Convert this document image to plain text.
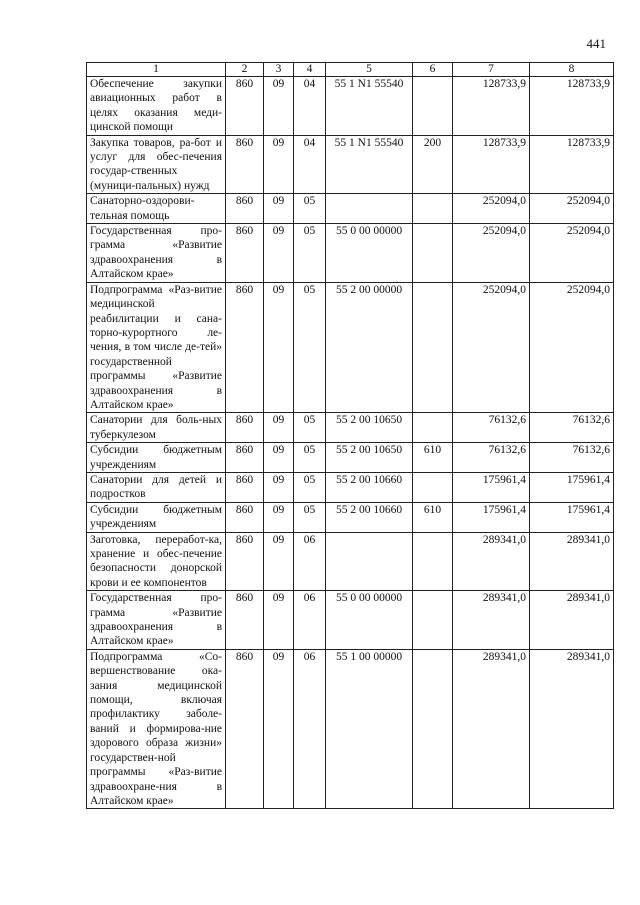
441
1	2	3	4	5	6	7	8
Обеспечение закупки авиационных работ в целях оказания меди-цинской помощи	860	09	04	55 1 N1 55540		128733,9	128733,9
Закупка товаров, ра-бот и услуг для обес-печения государ-ственных (муници-пальных) нужд	860	09	04	55 1 N1 55540	200	128733,9	128733,9
Санаторно-оздорови-тельная помощь	860	09	05			252094,0	252094,0
Государственная про-грамма «Развитие здравоохранения в Алтайском крае»	860	09	05	55 0 00 00000		252094,0	252094,0
Подпрограмма «Раз-витие медицинской реабилитации и сана-торно-курортного ле-чения, в том числе де-тей» государственной программы «Развитие здравоохранения в Алтайском крае»	860	09	05	55 2 00 00000		252094,0	252094,0
Санатории для боль-ных туберкулезом	860	09	05	55 2 00 10650		76132,6	76132,6
Субсидии бюджетным учреждениям	860	09	05	55 2 00 10650	610	76132,6	76132,6
Санатории для детей и подростков	860	09	05	55 2 00 10660		175961,4	175961,4
Субсидии бюджетным учреждениям	860	09	05	55 2 00 10660	610	175961,4	175961,4
Заготовка, переработ-ка, хранение и обес-печение безопасности донорской крови и ее компонентов	860	09	06			289341,0	289341,0
Государственная про-грамма «Развитие здравоохранения в Алтайском крае»	860	09	06	55 0 00 00000		289341,0	289341,0
Подпрограмма «Со-вершенствование ока-зания медицинской помощи, включая профилактику заболе-ваний и формирова-ние здорового образа жизни» государствен-ной программы «Раз-витие здравоохране-ния в Алтайском крае»	860	09	06	55 1 00 00000		289341,0	289341,0
